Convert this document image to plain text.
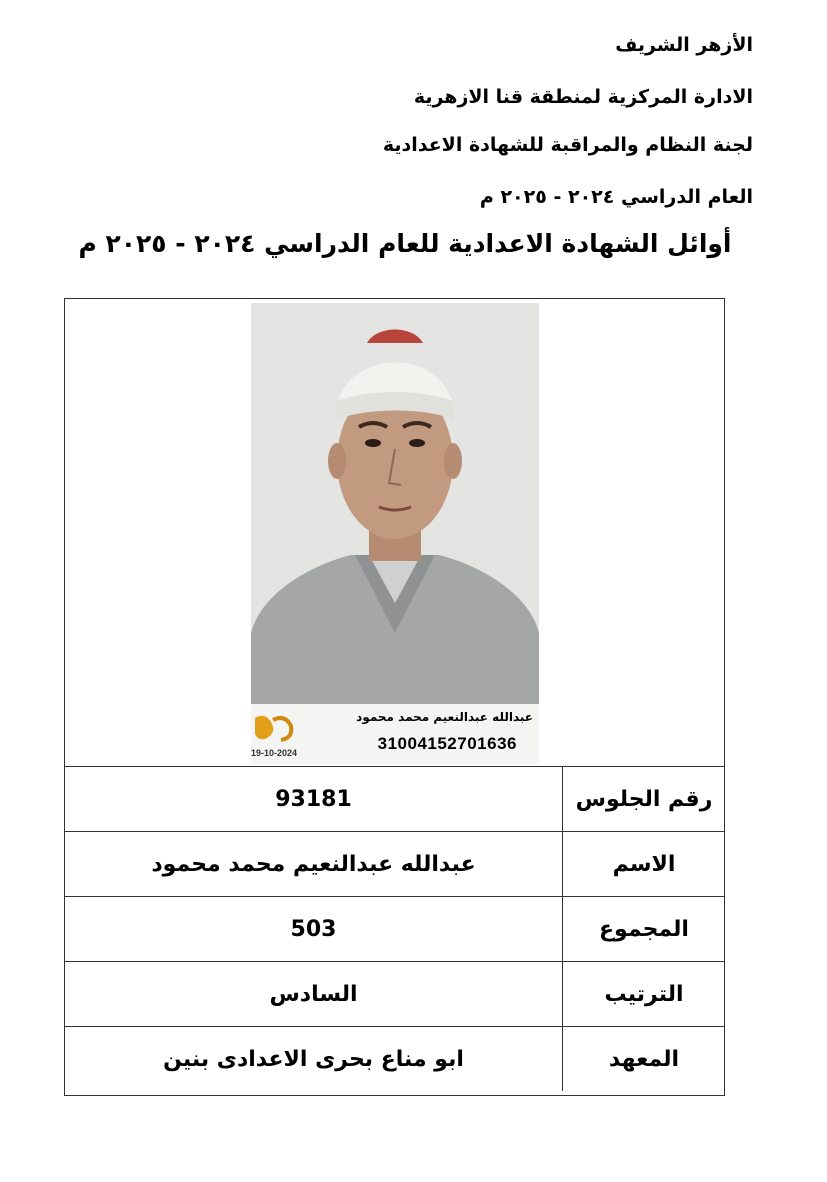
الأزهر الشريف
الادارة المركزية لمنطقة قنا الازهرية
لجنة النظام والمراقبة للشهادة الاعدادية
العام الدراسي ٢٠٢٤ - ٢٠٢٥ م
أوائل الشهادة الاعدادية للعام الدراسي ٢٠٢٤ - ٢٠٢٥ م
19-10-2024
عبدالله عبدالنعيم محمد محمود
31004152701636
93181	رقم الجلوس
عبدالله عبدالنعيم محمد محمود	الاسم
503	المجموع
السادس	الترتيب
ابو مناع بحرى الاعدادى بنين	المعهد
